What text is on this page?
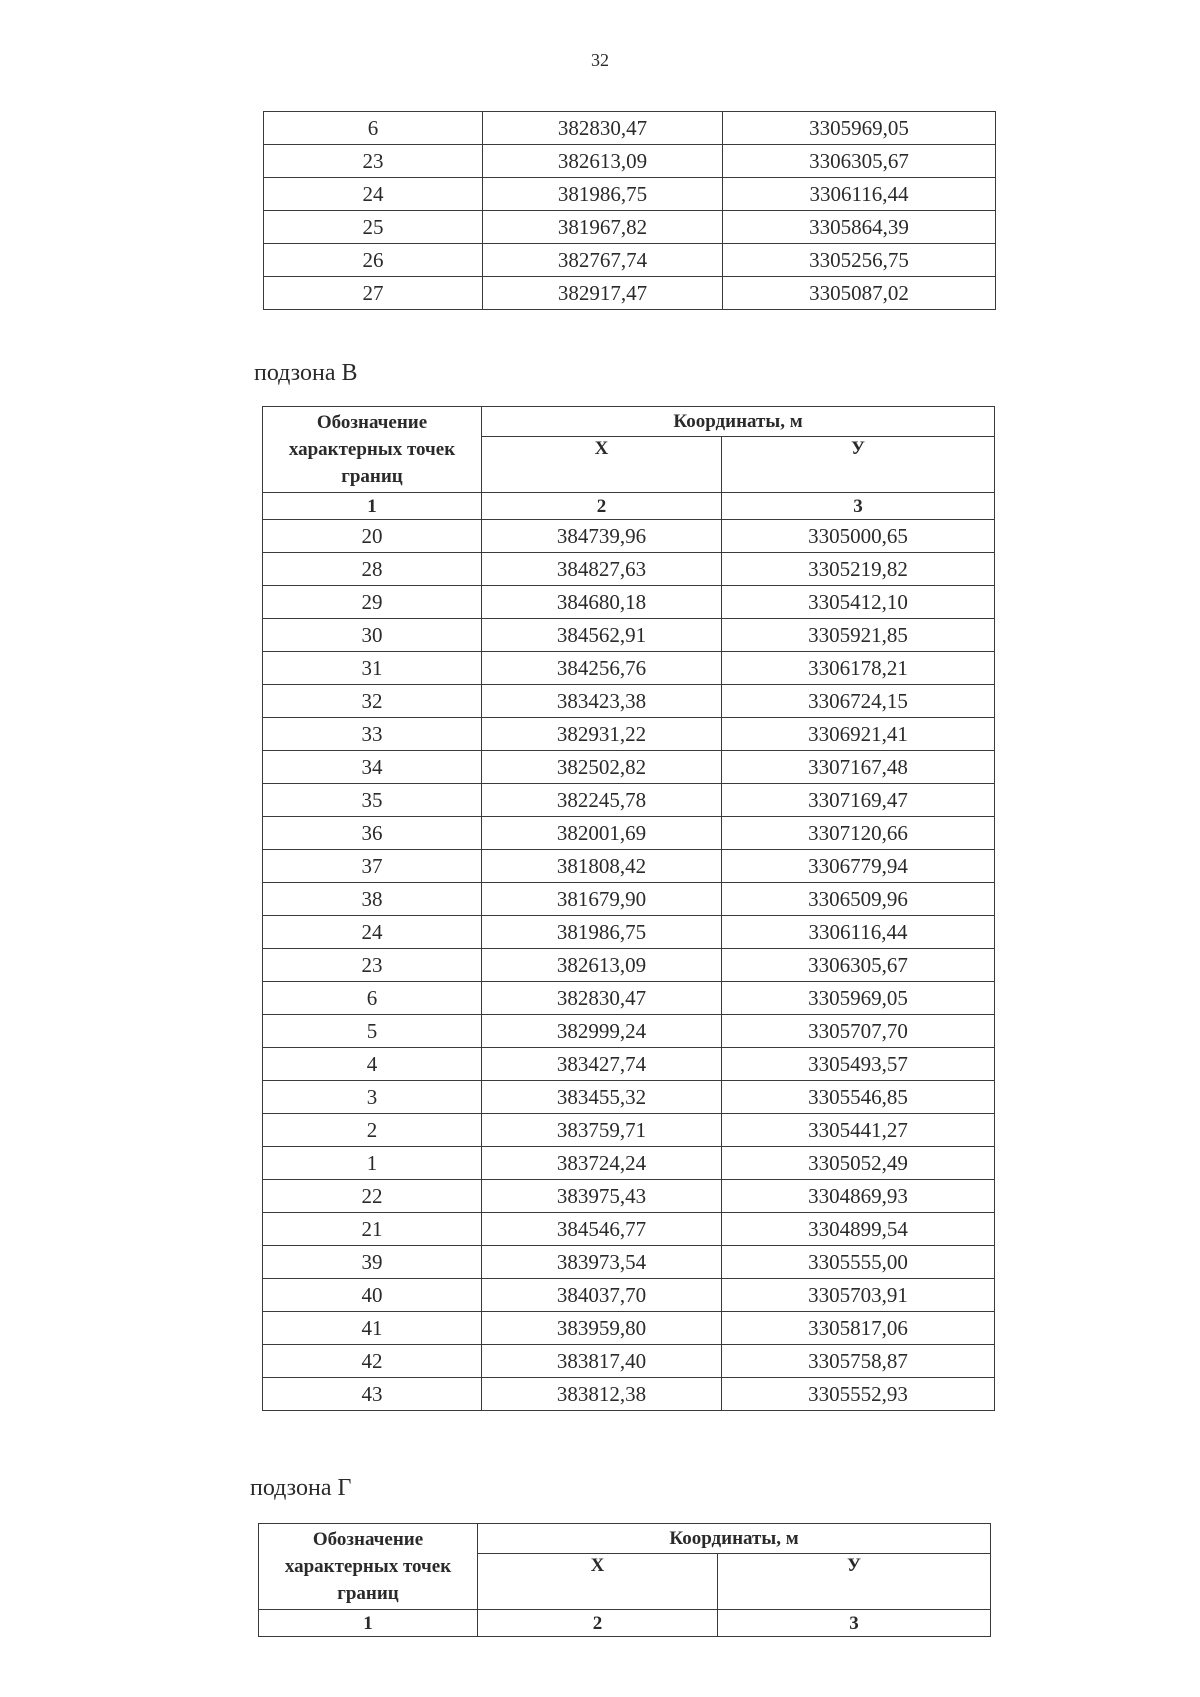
32
6	382830,47	3305969,05
23	382613,09	3306305,67
24	381986,75	3306116,44
25	381967,82	3305864,39
26	382767,74	3305256,75
27	382917,47	3305087,02
подзона В
Обозначение характерных точек границ	Координаты, м	
	Х	У
1	2	3
20	384739,96	3305000,65
28	384827,63	3305219,82
29	384680,18	3305412,10
30	384562,91	3305921,85
31	384256,76	3306178,21
32	383423,38	3306724,15
33	382931,22	3306921,41
34	382502,82	3307167,48
35	382245,78	3307169,47
36	382001,69	3307120,66
37	381808,42	3306779,94
38	381679,90	3306509,96
24	381986,75	3306116,44
23	382613,09	3306305,67
6	382830,47	3305969,05
5	382999,24	3305707,70
4	383427,74	3305493,57
3	383455,32	3305546,85
2	383759,71	3305441,27
1	383724,24	3305052,49
22	383975,43	3304869,93
21	384546,77	3304899,54
39	383973,54	3305555,00
40	384037,70	3305703,91
41	383959,80	3305817,06
42	383817,40	3305758,87
43	383812,38	3305552,93
подзона Г
Обозначение характерных точек границ	Координаты, м	
	Х	У
1	2	3
